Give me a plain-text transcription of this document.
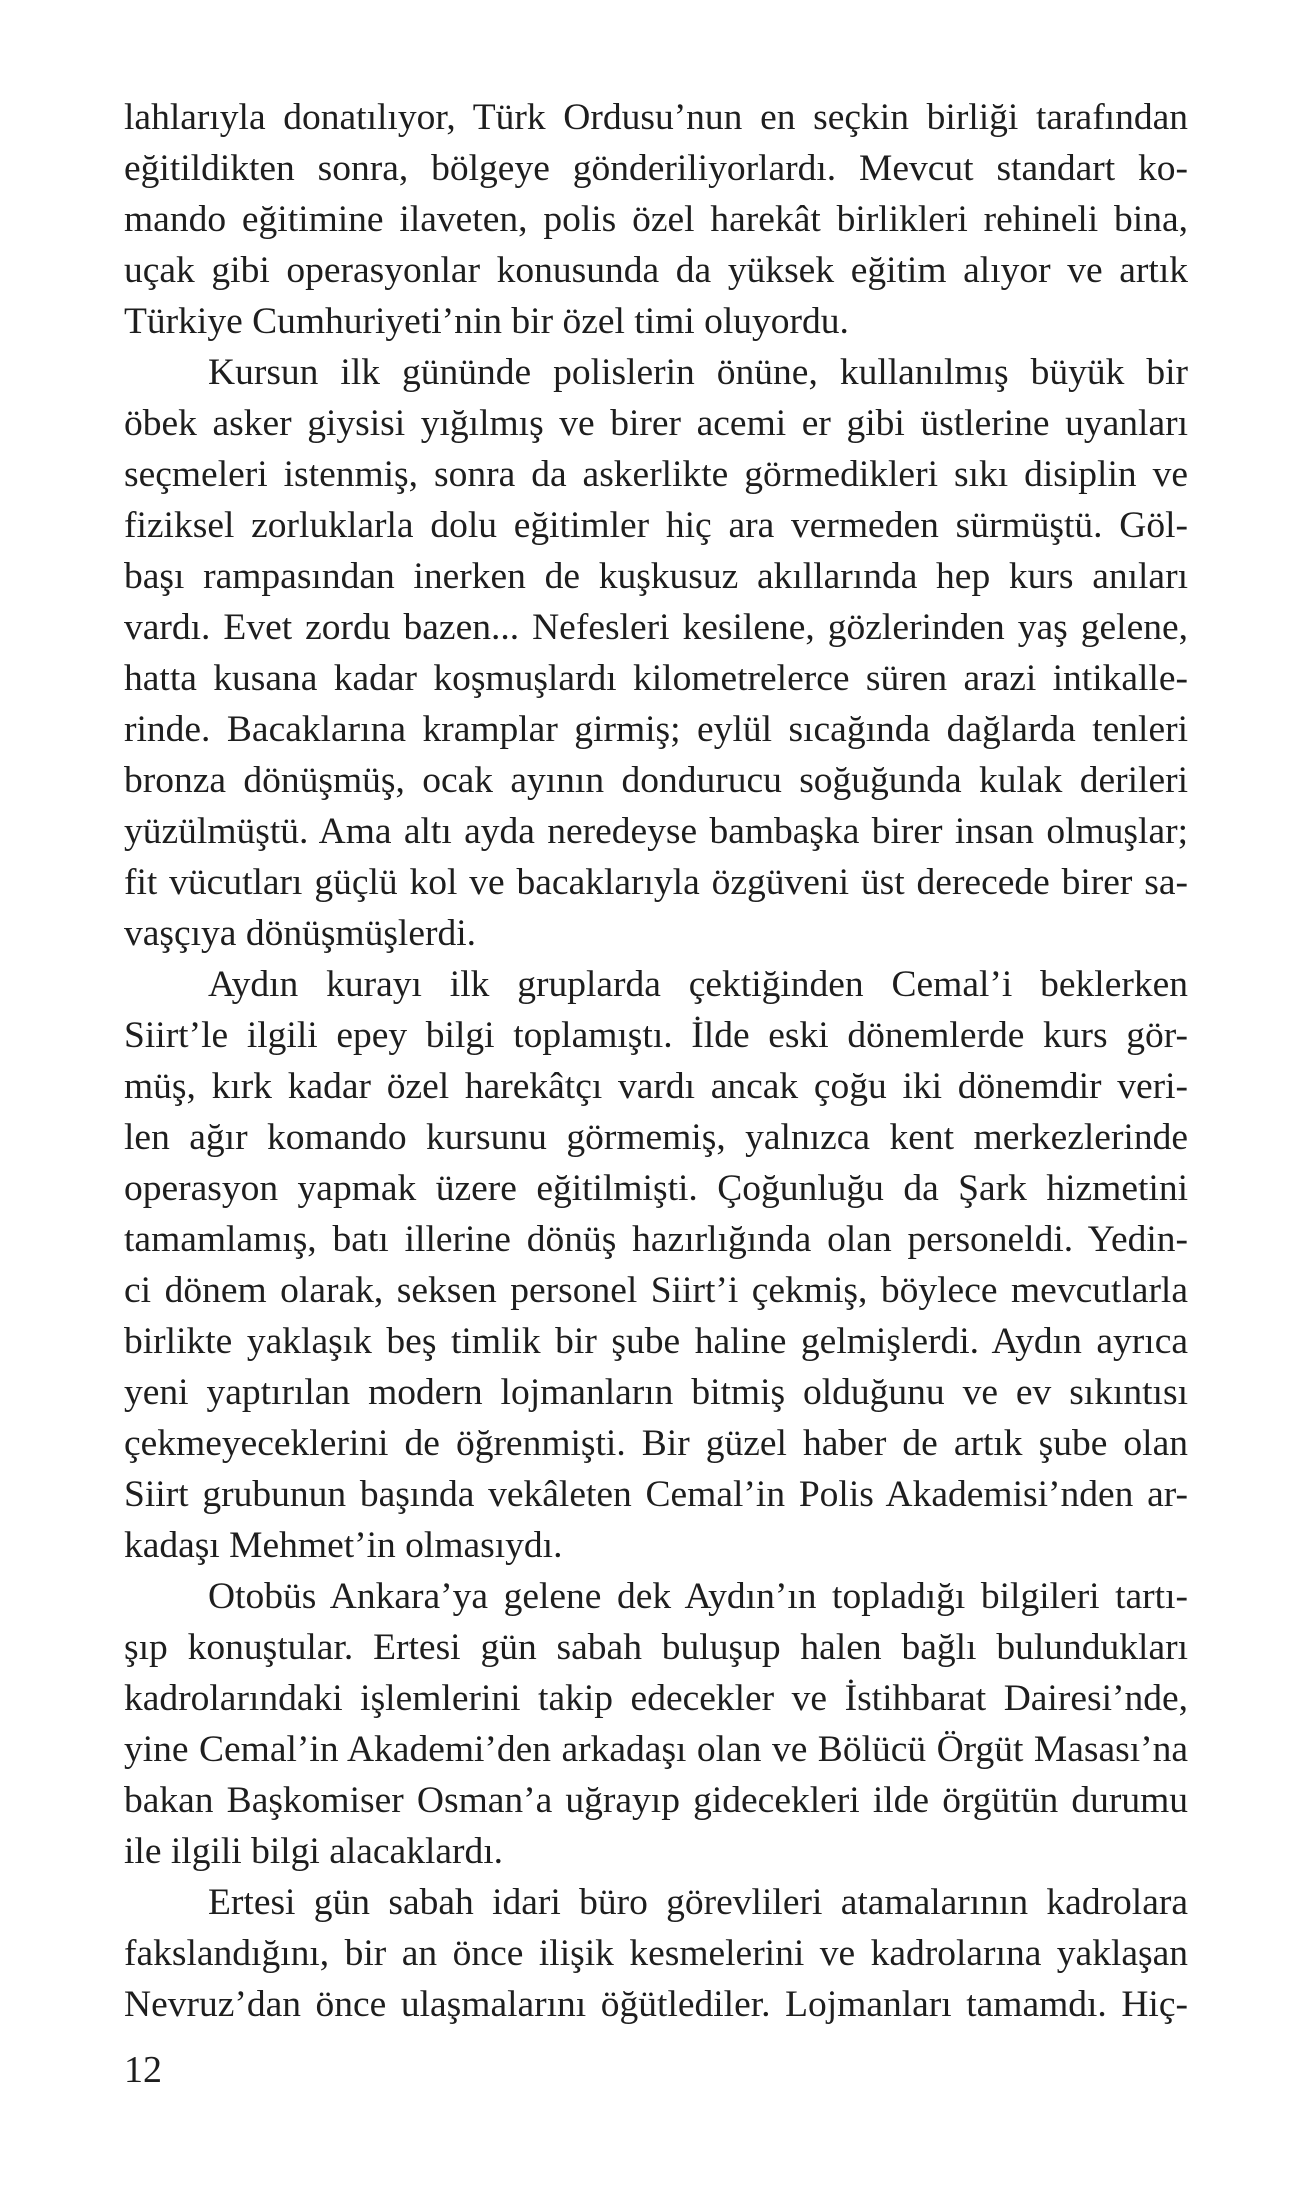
lahlarıyla donatılıyor, Türk Ordusu’nun en seçkin birliği tarafından
eğitildikten sonra, bölgeye gönderiliyorlardı. Mevcut standart ko-
mando eğitimine ilaveten, polis özel harekât birlikleri rehineli bina,
uçak gibi operasyonlar konusunda da yüksek eğitim alıyor ve artık
Türkiye Cumhuriyeti’nin bir özel timi oluyordu.
Kursun ilk gününde polislerin önüne, kullanılmış büyük bir
öbek asker giysisi yığılmış ve birer acemi er gibi üstlerine uyanları
seçmeleri istenmiş, sonra da askerlikte görmedikleri sıkı disiplin ve
fiziksel zorluklarla dolu eğitimler hiç ara vermeden sürmüştü. Göl-
başı rampasından inerken de kuşkusuz akıllarında hep kurs anıları
vardı. Evet zordu bazen... Nefesleri kesilene, gözlerinden yaş gelene,
hatta kusana kadar koşmuşlardı kilometrelerce süren arazi intikalle-
rinde. Bacaklarına kramplar girmiş; eylül sıcağında dağlarda tenleri
bronza dönüşmüş, ocak ayının dondurucu soğuğunda kulak derileri
yüzülmüştü. Ama altı ayda neredeyse bambaşka birer insan olmuşlar;
fit vücutları güçlü kol ve bacaklarıyla özgüveni üst derecede birer sa-
vaşçıya dönüşmüşlerdi.
Aydın kurayı ilk gruplarda çektiğinden Cemal’i beklerken
Siirt’le ilgili epey bilgi toplamıştı. İlde eski dönemlerde kurs gör-
müş, kırk kadar özel harekâtçı vardı ancak çoğu iki dönemdir veri-
len ağır komando kursunu görmemiş, yalnızca kent merkezlerinde
operasyon yapmak üzere eğitilmişti. Çoğunluğu da Şark hizmetini
tamamlamış, batı illerine dönüş hazırlığında olan personeldi. Yedin-
ci dönem olarak, seksen personel Siirt’i çekmiş, böylece mevcutlarla
birlikte yaklaşık beş timlik bir şube haline gelmişlerdi. Aydın ayrıca
yeni yaptırılan modern lojmanların bitmiş olduğunu ve ev sıkıntısı
çekmeyeceklerini de öğrenmişti. Bir güzel haber de artık şube olan
Siirt grubunun başında vekâleten Cemal’in Polis Akademisi’nden ar-
kadaşı Mehmet’in olmasıydı.
Otobüs Ankara’ya gelene dek Aydın’ın topladığı bilgileri tartı-
şıp konuştular. Ertesi gün sabah buluşup halen bağlı bulundukları
kadrolarındaki işlemlerini takip edecekler ve İstihbarat Dairesi’nde,
yine Cemal’in Akademi’den arkadaşı olan ve Bölücü Örgüt Masası’na
bakan Başkomiser Osman’a uğrayıp gidecekleri ilde örgütün durumu
ile ilgili bilgi alacaklardı.
Ertesi gün sabah idari büro görevlileri atamalarının kadrolara
fakslandığını, bir an önce ilişik kesmelerini ve kadrolarına yaklaşan
Nevruz’dan önce ulaşmalarını öğütlediler. Lojmanları tamamdı. Hiç-
12
